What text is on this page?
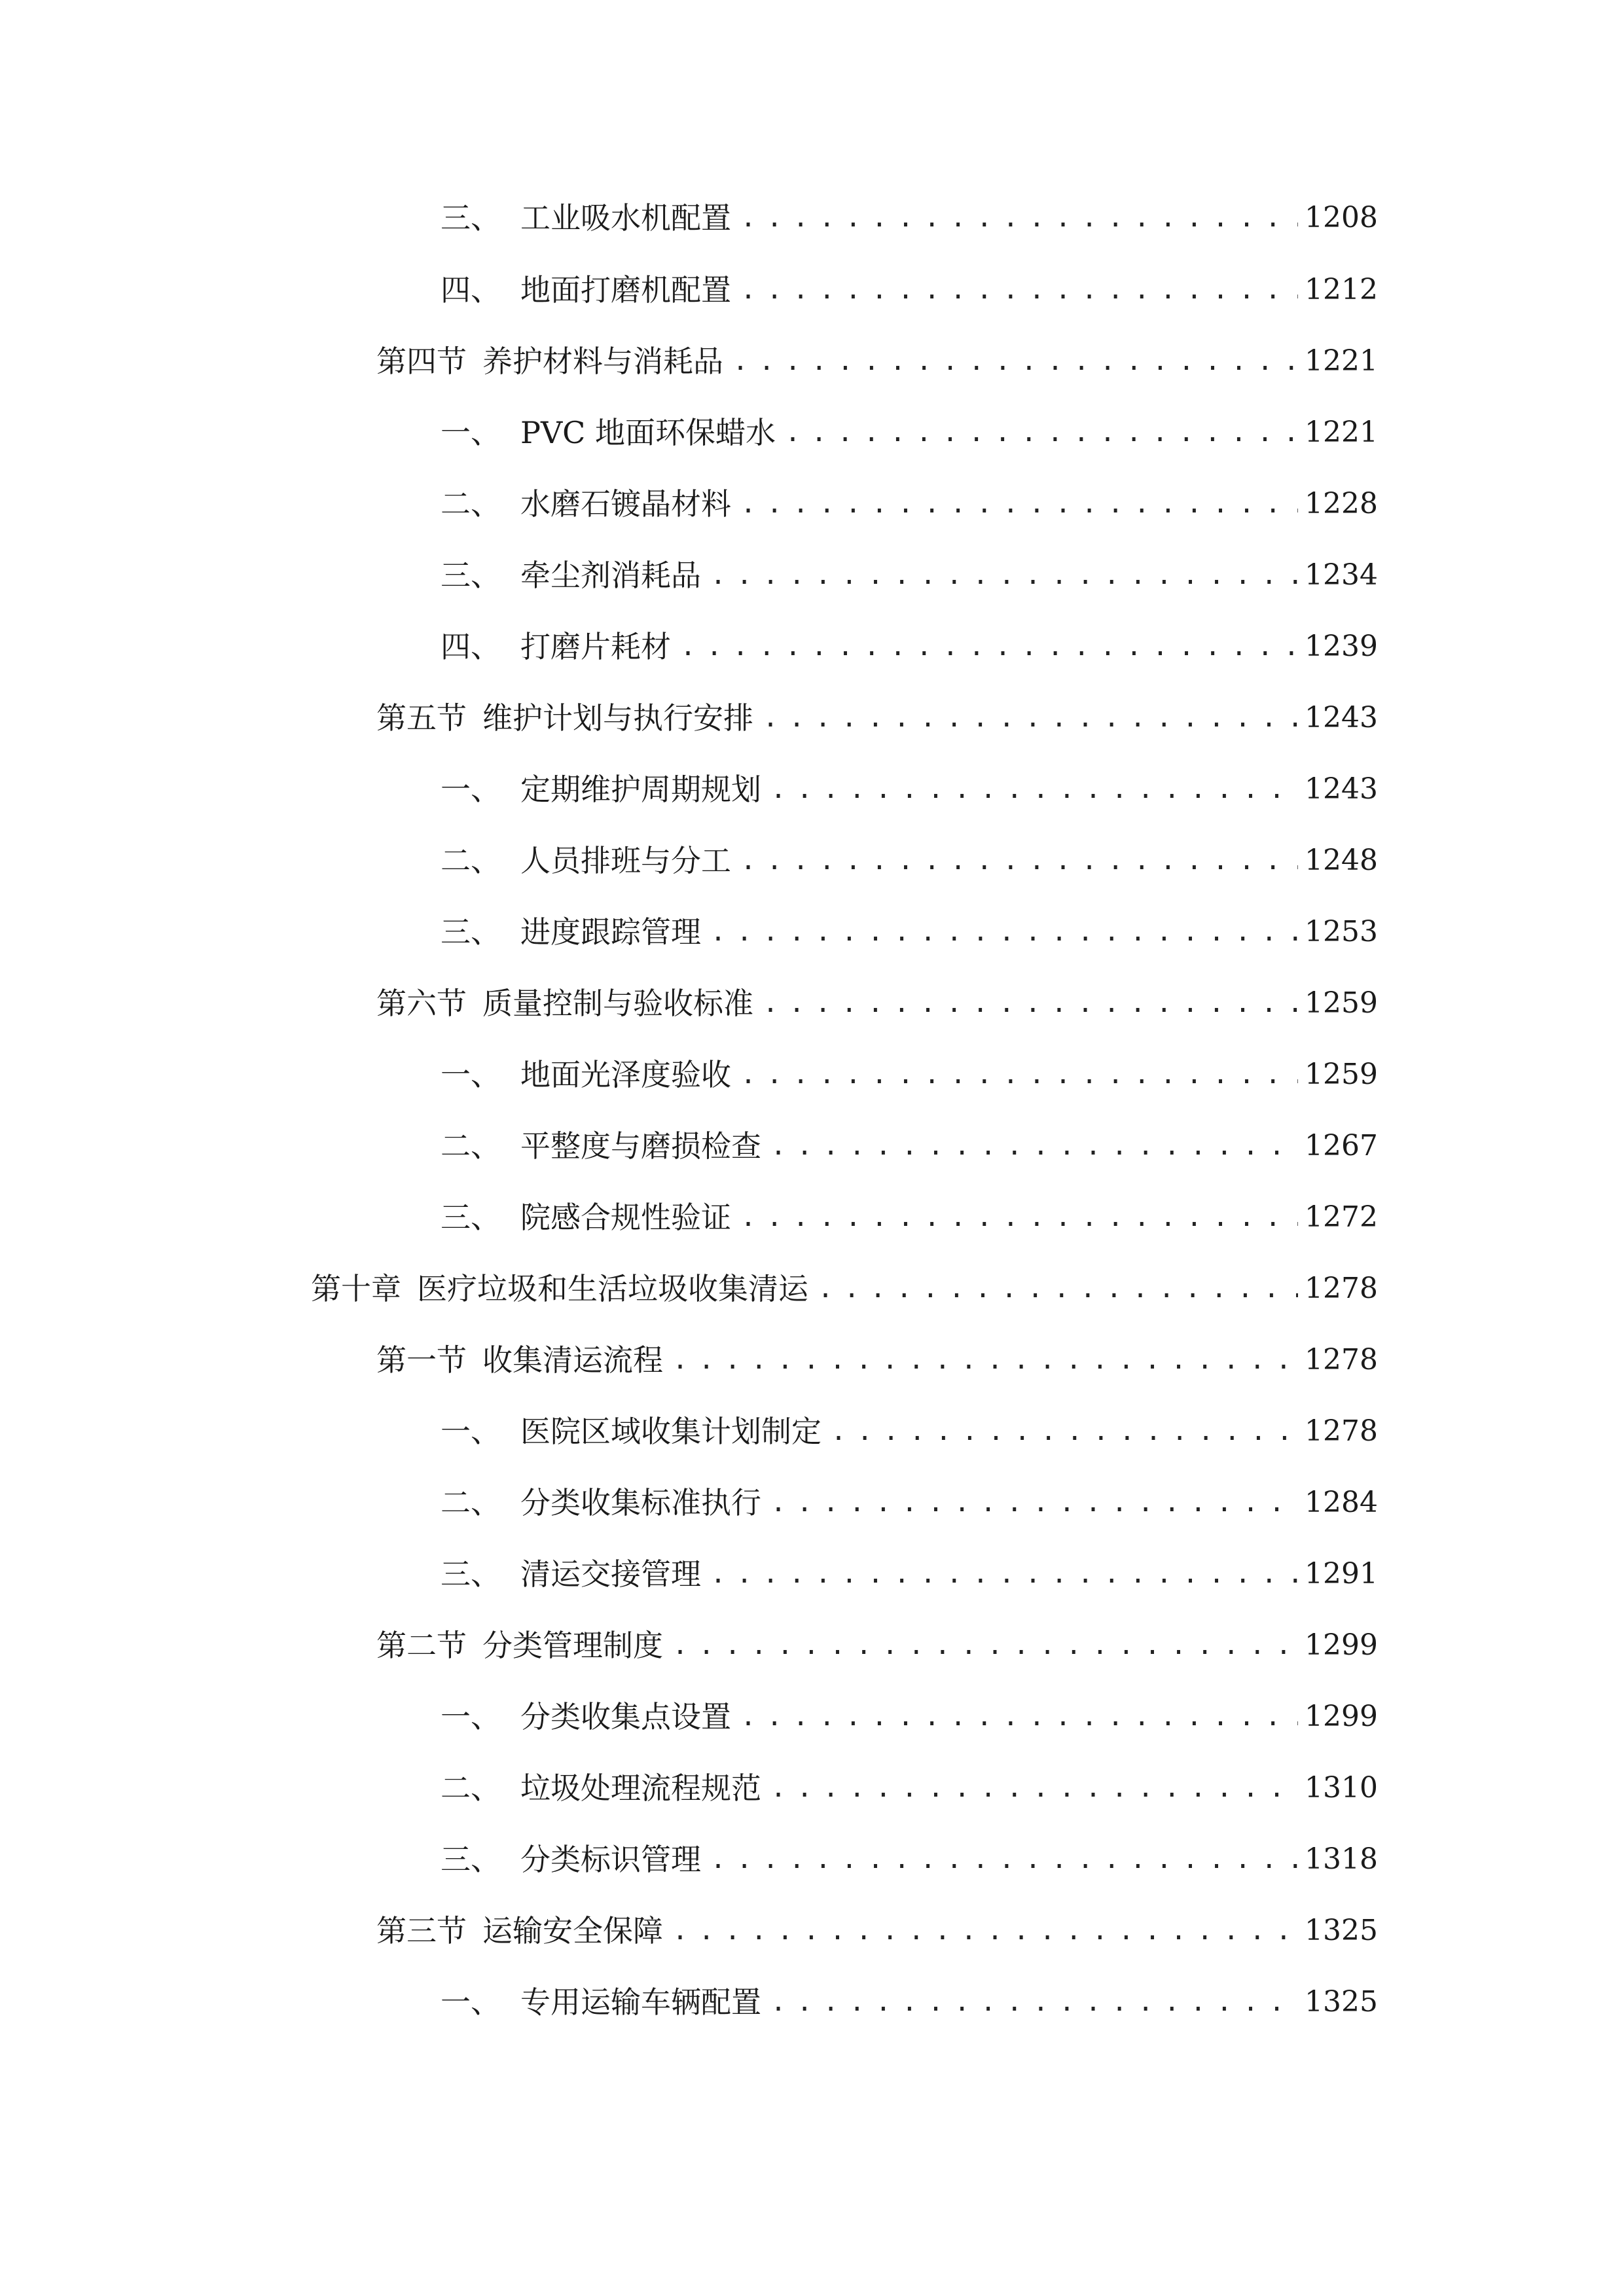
三、 工业吸水机配置 .....	1208
四、 地面打磨机配置 .....	1212
第四节 养护材料与消耗品 .....	1221
一、 PVC 地面环保蜡水 .....	1221
二、 水磨石镀晶材料 .....	1228
三、 牵尘剂消耗品 .....	1234
四、 打磨片耗材 .....	1239
第五节 维护计划与执行安排 .....	1243
一、 定期维护周期规划 .....	1243
二、 人员排班与分工 .....	1248
三、 进度跟踪管理 .....	1253
第六节 质量控制与验收标准 .....	1259
一、 地面光泽度验收 .....	1259
二、 平整度与磨损检查 .....	1267
三、 院感合规性验证 .....	1272
第十章 医疗垃圾和生活垃圾收集清运 .....	1278
第一节 收集清运流程 .....	1278
一、 医院区域收集计划制定 .....	1278
二、 分类收集标准执行 .....	1284
三、 清运交接管理 .....	1291
第二节 分类管理制度 .....	1299
一、 分类收集点设置 .....	1299
二、 垃圾处理流程规范 .....	1310
三、 分类标识管理 .....	1318
第三节 运输安全保障 .....	1325
一、 专用运输车辆配置 .....	1325
